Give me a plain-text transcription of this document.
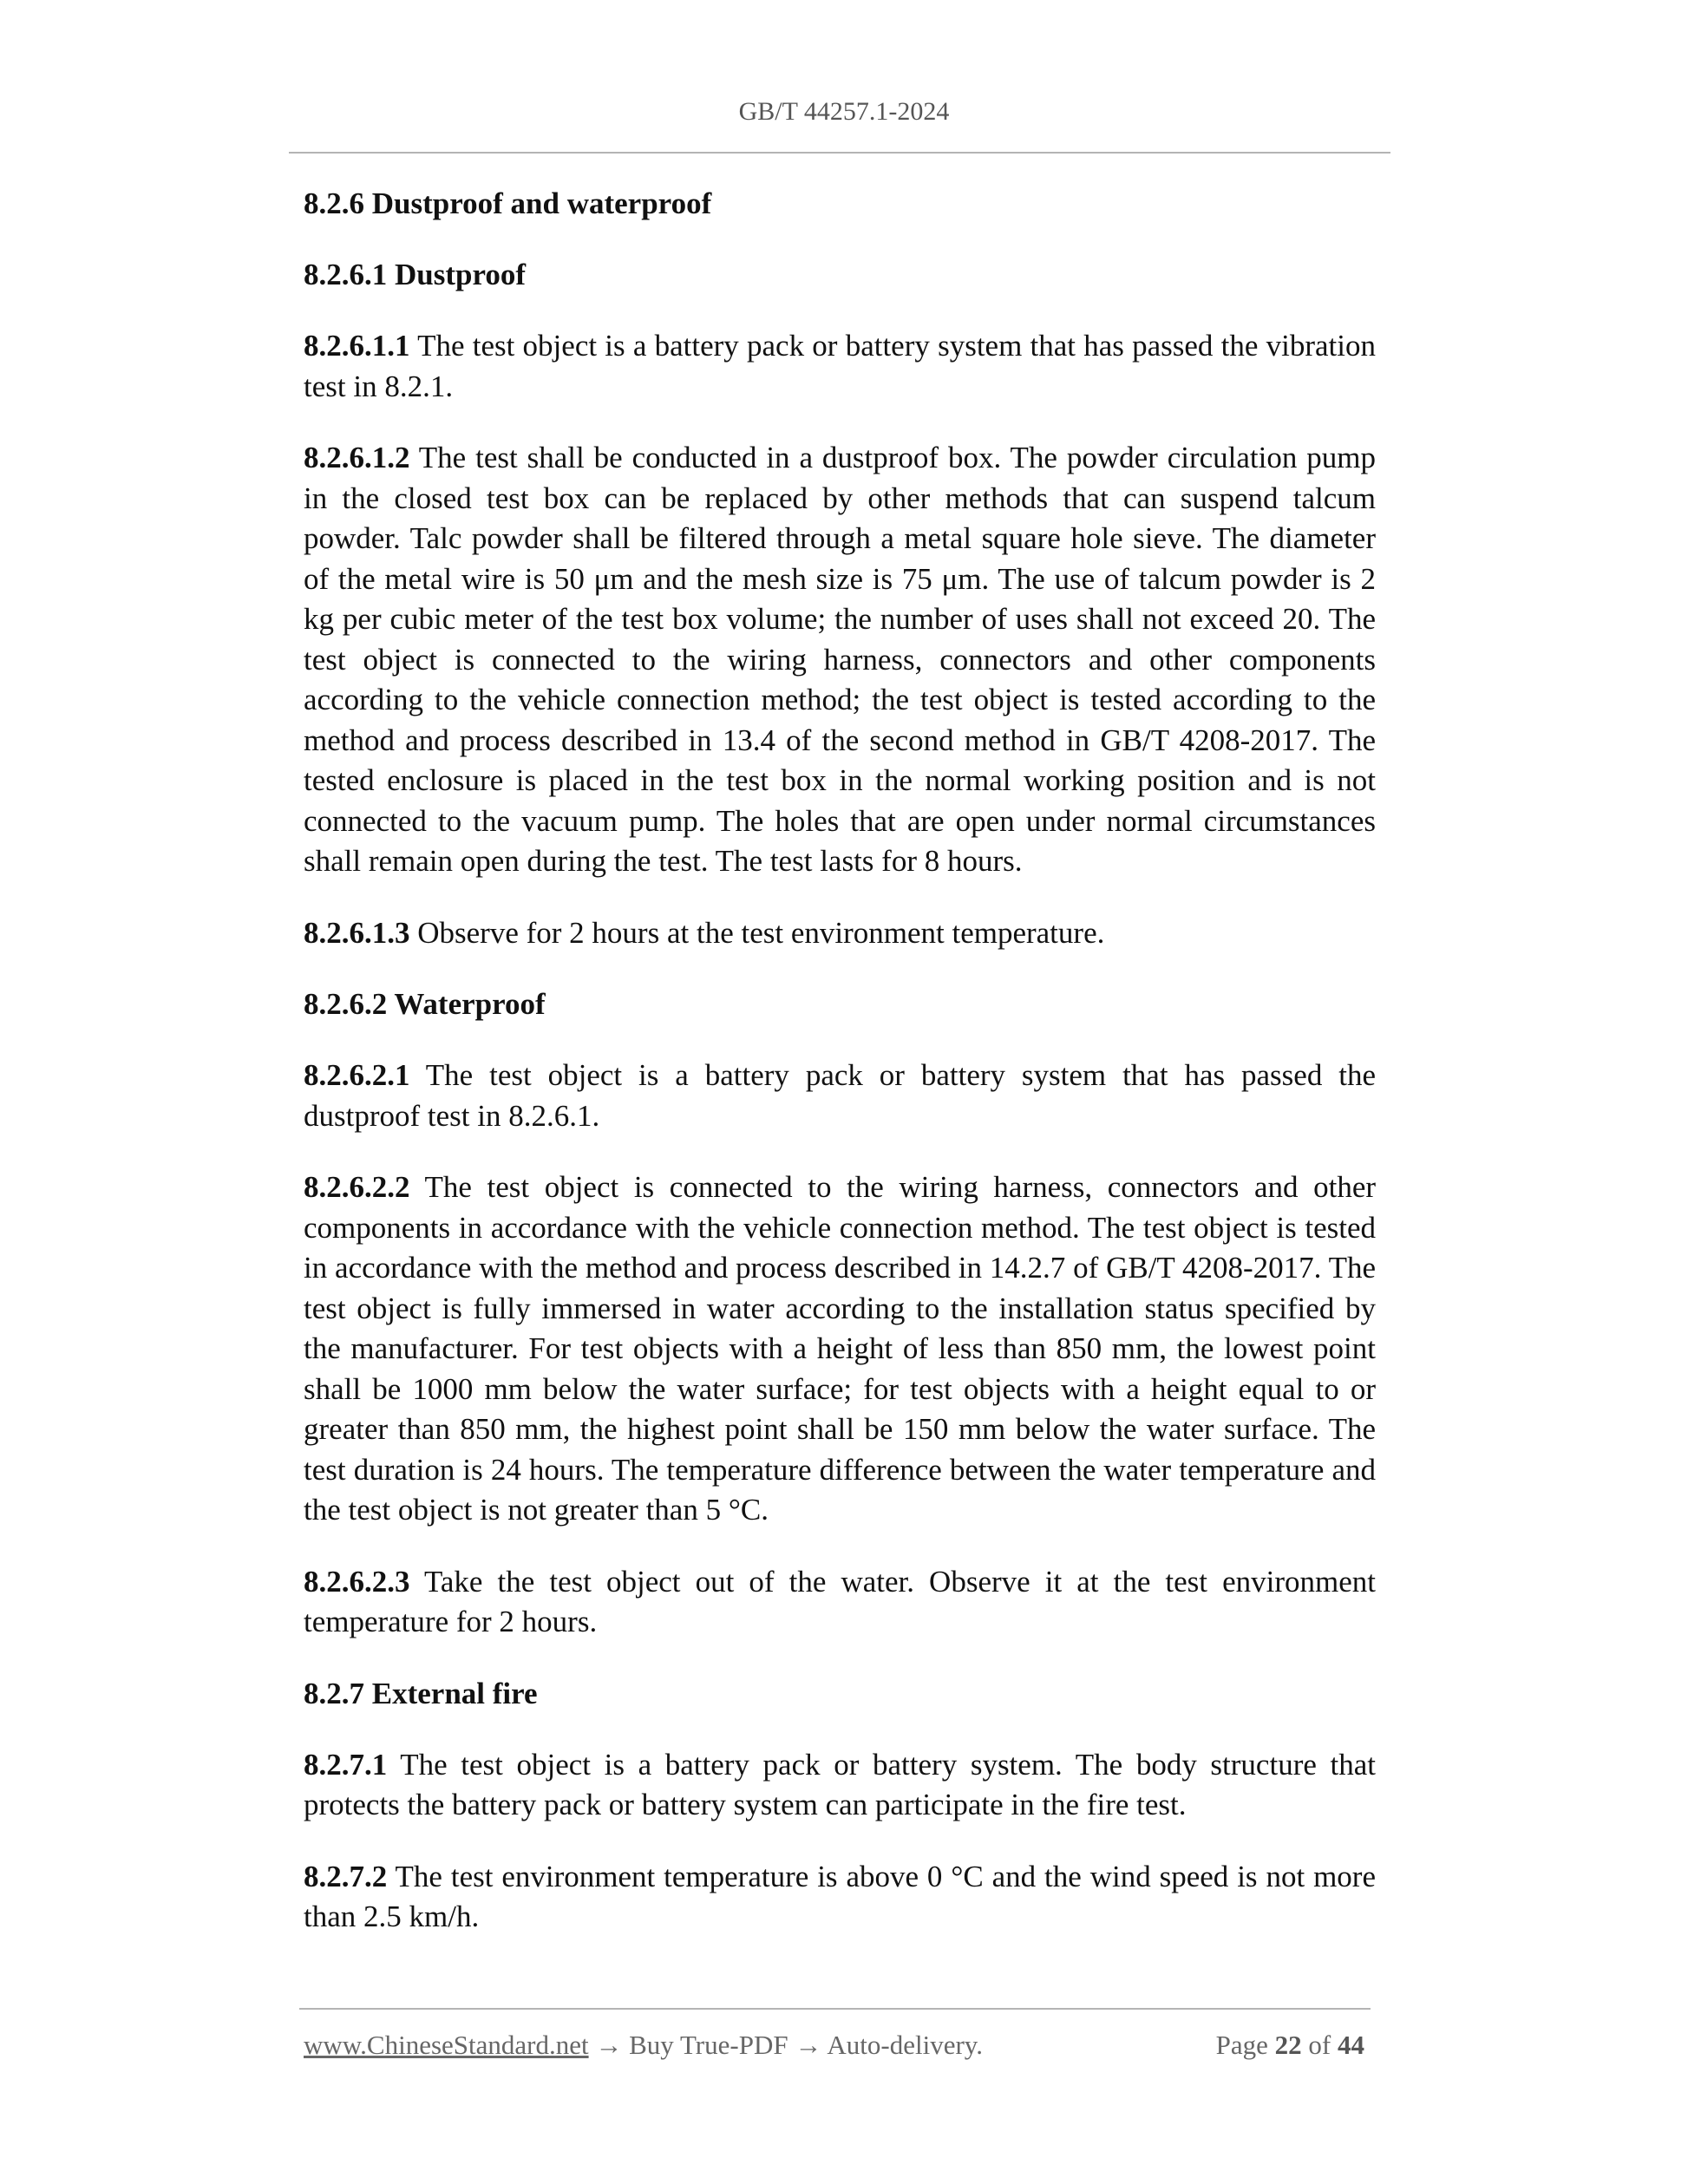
GB/T 44257.1-2024
8.2.6 Dustproof and waterproof
8.2.6.1 Dustproof
8.2.6.1.1 The test object is a battery pack or battery system that has passed the vibration test in 8.2.1.
8.2.6.1.2 The test shall be conducted in a dustproof box. The powder circulation pump in the closed test box can be replaced by other methods that can suspend talcum powder. Talc powder shall be filtered through a metal square hole sieve. The diameter of the metal wire is 50 μm and the mesh size is 75 μm. The use of talcum powder is 2 kg per cubic meter of the test box volume; the number of uses shall not exceed 20. The test object is connected to the wiring harness, connectors and other components according to the vehicle connection method; the test object is tested according to the method and process described in 13.4 of the second method in GB/T 4208-2017. The tested enclosure is placed in the test box in the normal working position and is not connected to the vacuum pump. The holes that are open under normal circumstances shall remain open during the test. The test lasts for 8 hours.
8.2.6.1.3 Observe for 2 hours at the test environment temperature.
8.2.6.2 Waterproof
8.2.6.2.1 The test object is a battery pack or battery system that has passed the dustproof test in 8.2.6.1.
8.2.6.2.2 The test object is connected to the wiring harness, connectors and other components in accordance with the vehicle connection method. The test object is tested in accordance with the method and process described in 14.2.7 of GB/T 4208-2017. The test object is fully immersed in water according to the installation status specified by the manufacturer. For test objects with a height of less than 850 mm, the lowest point shall be 1000 mm below the water surface; for test objects with a height equal to or greater than 850 mm, the highest point shall be 150 mm below the water surface. The test duration is 24 hours. The temperature difference between the water temperature and the test object is not greater than 5 °C.
8.2.6.2.3 Take the test object out of the water. Observe it at the test environment temperature for 2 hours.
8.2.7 External fire
8.2.7.1 The test object is a battery pack or battery system. The body structure that protects the battery pack or battery system can participate in the fire test.
8.2.7.2 The test environment temperature is above 0 °C and the wind speed is not more than 2.5 km/h.
www.ChineseStandard.net → Buy True-PDF → Auto-delivery.	Page 22 of 44
